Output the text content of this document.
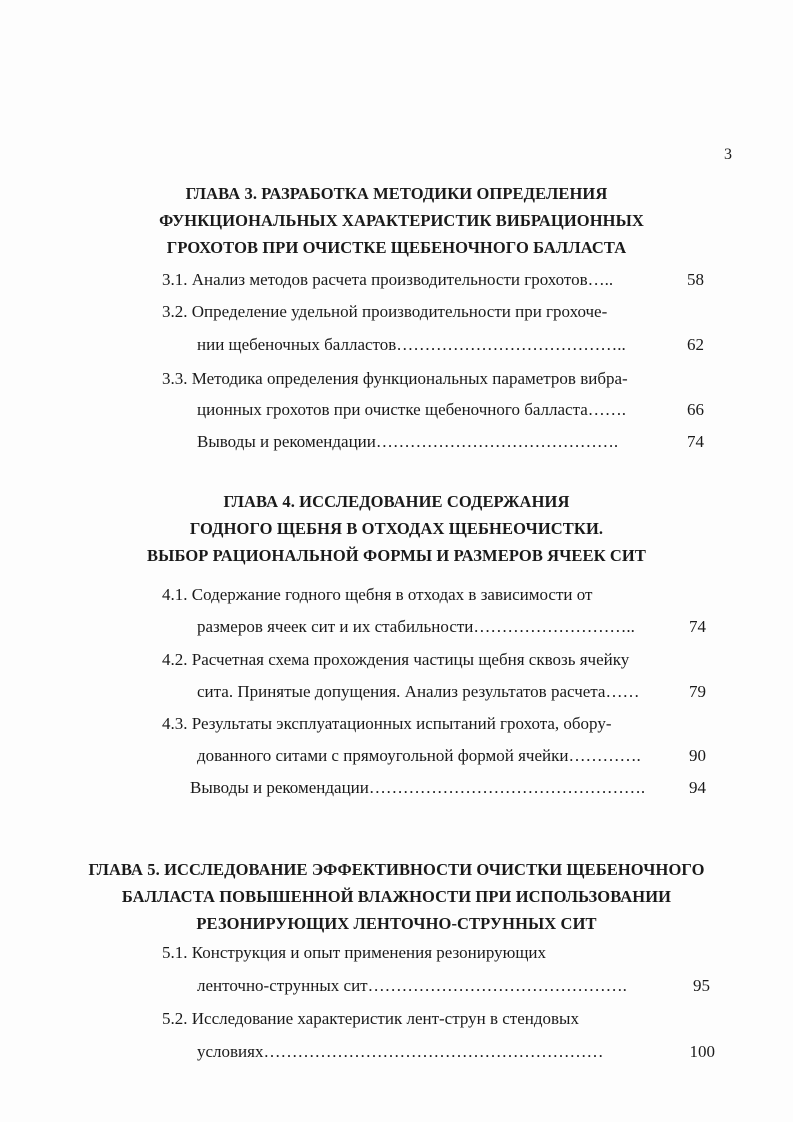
3
ГЛАВА 3. РАЗРАБОТКА МЕТОДИКИ ОПРЕДЕЛЕНИЯ
ФУНКЦИОНАЛЬНЫХ ХАРАКТЕРИСТИК ВИБРАЦИОННЫХ
ГРОХОТОВ ПРИ ОЧИСТКЕ ЩЕБЕНОЧНОГО БАЛЛАСТА
3.1. Анализ методов расчета производительности грохотов…..	58
3.2. Определение удельной производительности при грохоче-
нии щебеночных балластов…………………………………..	62
3.3. Методика определения функциональных параметров вибра-
ционных грохотов при очистке щебеночного балласта…….	66
Выводы и рекомендации…………………………………….	74
ГЛАВА 4. ИССЛЕДОВАНИЕ СОДЕРЖАНИЯ
ГОДНОГО ЩЕБНЯ В ОТХОДАХ ЩЕБНЕОЧИСТКИ.
ВЫБОР РАЦИОНАЛЬНОЙ ФОРМЫ И РАЗМЕРОВ ЯЧЕЕК СИТ
4.1. Содержание годного щебня в отходах в зависимости от
размеров ячеек сит и их стабильности………………………..	74
4.2. Расчетная схема прохождения частицы щебня сквозь ячейку
сита. Принятые допущения. Анализ результатов расчета……	79
4.3. Результаты эксплуатационных испытаний грохота, обору-
дованного ситами с прямоугольной формой ячейки………….	90
Выводы и рекомендации………………………………………….	94
ГЛАВА 5. ИССЛЕДОВАНИЕ ЭФФЕКТИВНОСТИ ОЧИСТКИ ЩЕБЕНОЧНОГО
БАЛЛАСТА ПОВЫШЕННОЙ ВЛАЖНОСТИ ПРИ ИСПОЛЬЗОВАНИИ
РЕЗОНИРУЮЩИХ ЛЕНТОЧНО-СТРУННЫХ СИТ
5.1. Конструкция и опыт применения резонирующих
ленточно-струнных сит……………………………………….	95
5.2. Исследование характеристик лент-струн в стендовых
условиях……………………………………………………	100
